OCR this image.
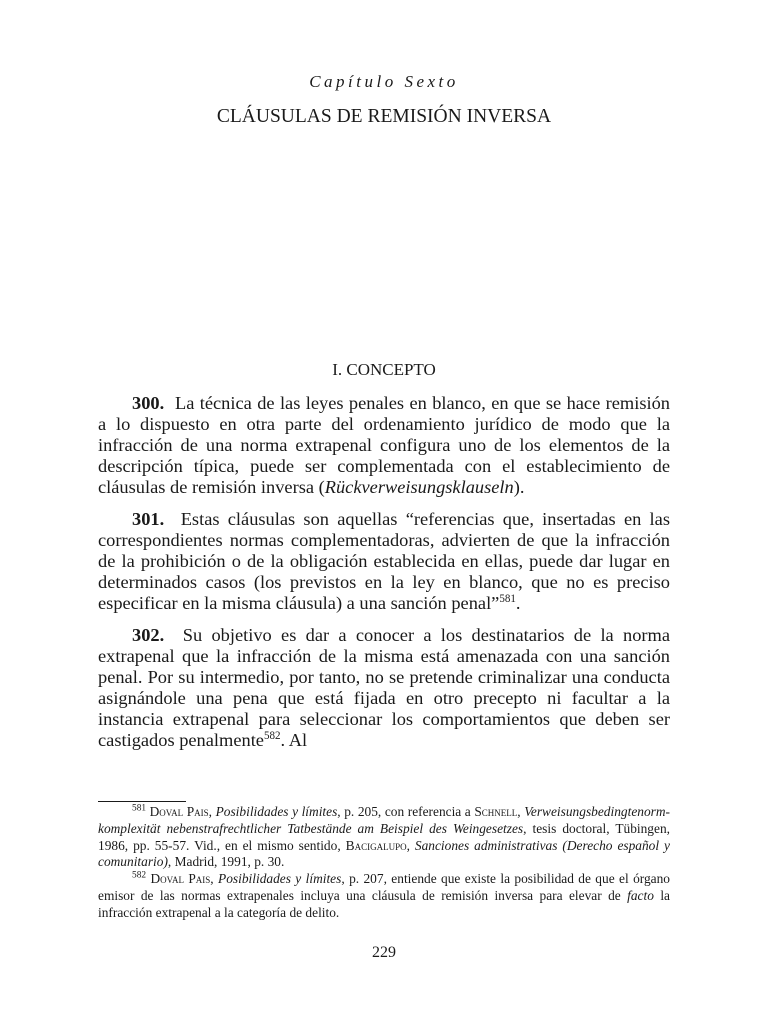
Capítulo Sexto
CLÁUSULAS DE REMISIÓN INVERSA
I. CONCEPTO

300. La técnica de las leyes penales en blanco, en que se hace remisión a lo dispuesto en otra parte del ordenamiento jurídico de modo que la infracción de una norma extrapenal configura uno de los elementos de la descripción típica, puede ser complementada con el establecimiento de cláusulas de remisión inversa (Rückverweisungsklauseln).

301. Estas cláusulas son aquellas “referencias que, insertadas en las correspondientes normas complementadoras, advierten de que la infracción de la prohibición o de la obligación establecida en ellas, puede dar lugar en determinados casos (los previstos en la ley en blanco, que no es preciso especificar en la misma cláusula) a una sanción penal”$^{581}$.

302. Su objetivo es dar a conocer a los destinatarios de la norma extrapenal que la infracción de la misma está amenazada con una sanción penal. Por su intermedio, por tanto, no se pretende criminalizar una conducta asignándole una pena que está fijada en otro precepto ni facultar a la instancia extrapenal para seleccionar los comportamientos que deben ser castigados penalmente$^{582}$. Al

$^{581}$ Doval Pais, Posibilidades y límites, p. 205, con referencia a Schnell, Verweisungsbedingtenorm-komplexität nebenstrafrechtlicher Tatbestände am Beispiel des Weingesetzes, tesis doctoral, Tübingen, 1986, pp. 55-57. Vid., en el mismo sentido, Bacigalupo, Sanciones administrativas (Derecho español y comunitario), Madrid, 1991, p. 30.

$^{582}$ Doval Pais, Posibilidades y límites, p. 207, entiende que existe la posibilidad de que el órgano emisor de las normas extrapenales incluya una cláusula de remisión inversa para elevar de facto la infracción extrapenal a la categoría de delito.

229
